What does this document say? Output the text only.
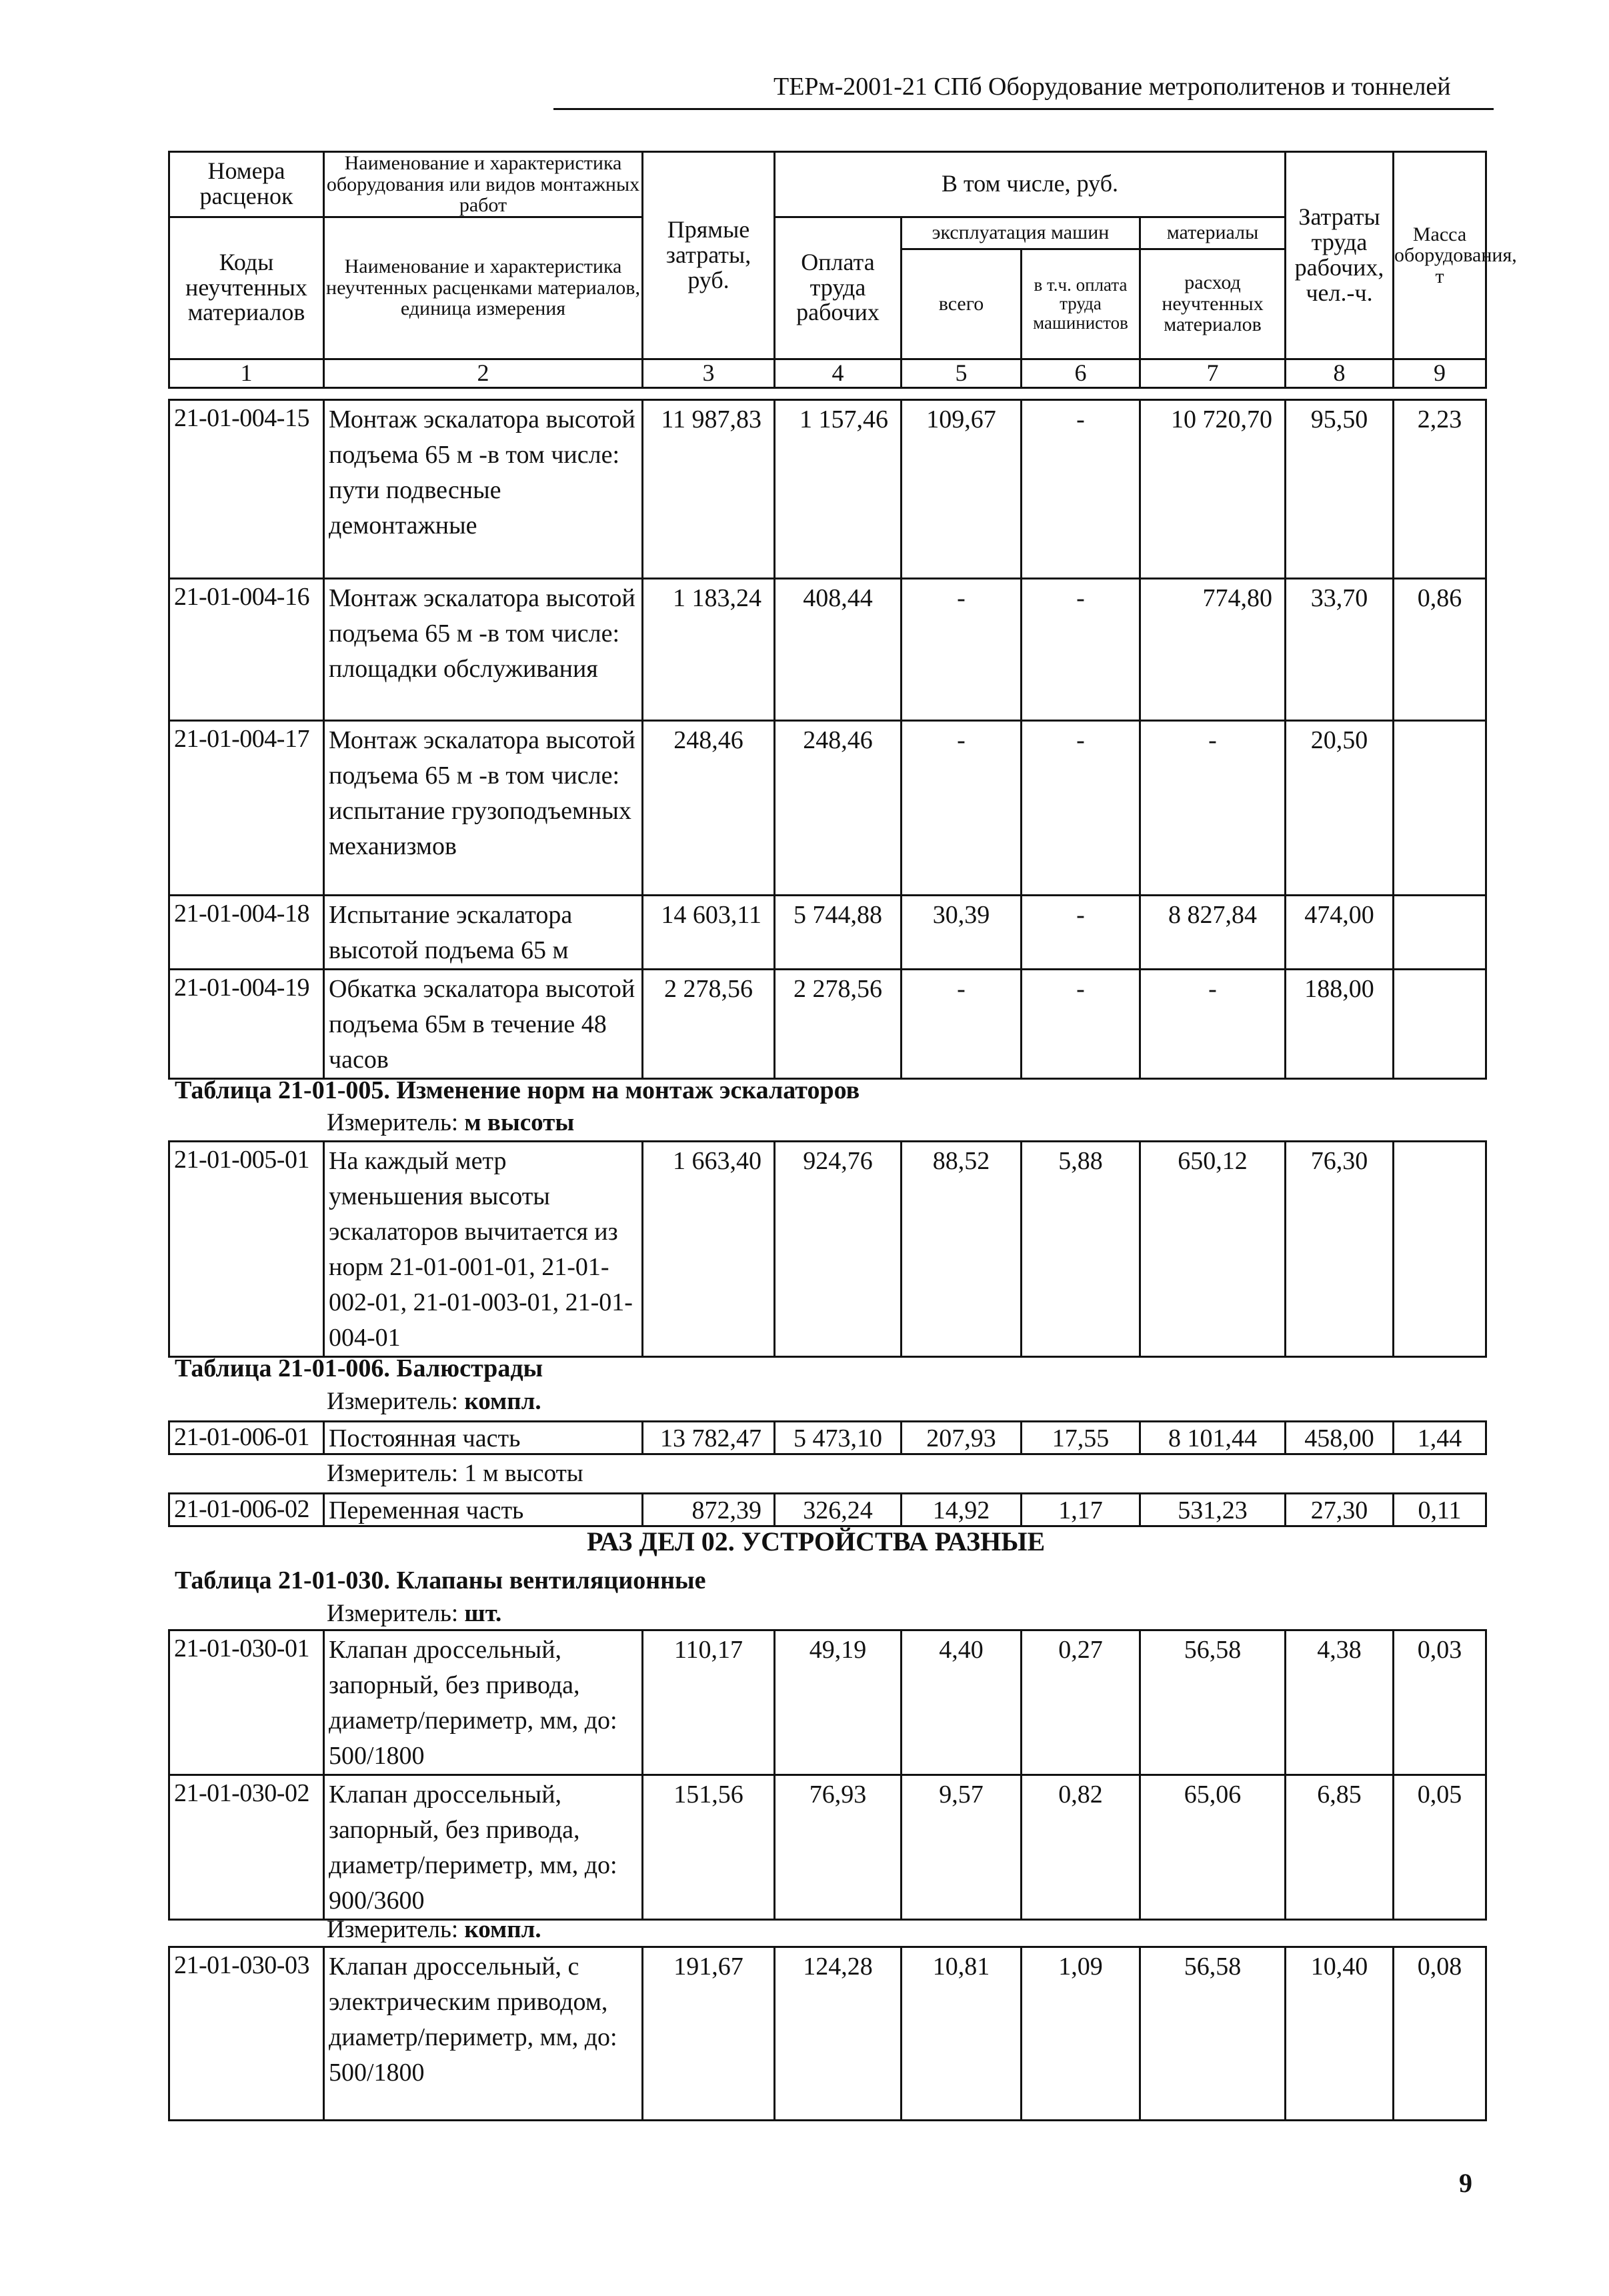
ТЕРм-2001-21 СПб Оборудование метрополитенов и тоннелей
Номера расценок	Наименование и характеристика оборудования или видов монтажных работ	Прямые затраты, руб.	В том числе, руб.				Затраты труда рабочих, чел.-ч.	Масса оборудования, т
Коды неучтенных материалов	Наименование и характеристика неучтенных расценками материалов, единица измерения		Оплата труда рабочих	эксплуатация машин		материалы		
				всего	в т.ч. оплата труда машинистов	расход неучтенных материалов		
1	2	3	4	5	6	7	8	9
21-01-004-15	Монтаж эскалатора высотой подъема 65 м -в том числе: пути подвесные демонтажные	11 987,83	1 157,46	109,67	-	10 720,70	95,50	2,23
21-01-004-16	Монтаж эскалатора высотой подъема 65 м -в том числе: площадки обслуживания	1 183,24	408,44	-	-	774,80	33,70	0,86
21-01-004-17	Монтаж эскалатора высотой подъема 65 м -в том числе: испытание грузоподъемных механизмов	248,46	248,46	-	-	-	20,50	
21-01-004-18	Испытание эскалатора высотой подъема 65 м	14 603,11	5 744,88	30,39	-	8 827,84	474,00	
21-01-004-19	Обкатка эскалатора высотой подъема 65м в течение 48 часов	2 278,56	2 278,56	-	-	-	188,00	
Таблица 21-01-005. Изменение норм на монтаж эскалаторов
Измеритель: м высоты
21-01-005-01	На каждый метр уменьшения высоты эскалаторов вычитается из норм 21-01-001-01, 21-01-002-01, 21-01-003-01, 21-01-004-01	1 663,40	924,76	88,52	5,88	650,12	76,30	
Таблица 21-01-006. Балюстрады
Измеритель: компл.
21-01-006-01	Постоянная часть	13 782,47	5 473,10	207,93	17,55	8 101,44	458,00	1,44
Измеритель: 1 м высоты
21-01-006-02	Переменная часть	872,39	326,24	14,92	1,17	531,23	27,30	0,11
РАЗ ДЕЛ 02. УСТРОЙСТВА РАЗНЫЕ
Таблица 21-01-030. Клапаны вентиляционные
Измеритель: шт.
21-01-030-01	Клапан дроссельный, запорный, без привода, диаметр/периметр, мм, до: 500/1800	110,17	49,19	4,40	0,27	56,58	4,38	0,03
21-01-030-02	Клапан дроссельный, запорный, без привода, диаметр/периметр, мм, до: 900/3600	151,56	76,93	9,57	0,82	65,06	6,85	0,05
Измеритель: компл.
21-01-030-03	Клапан дроссельный, с электрическим приводом, диаметр/периметр, мм, до: 500/1800	191,67	124,28	10,81	1,09	56,58	10,40	0,08
9
